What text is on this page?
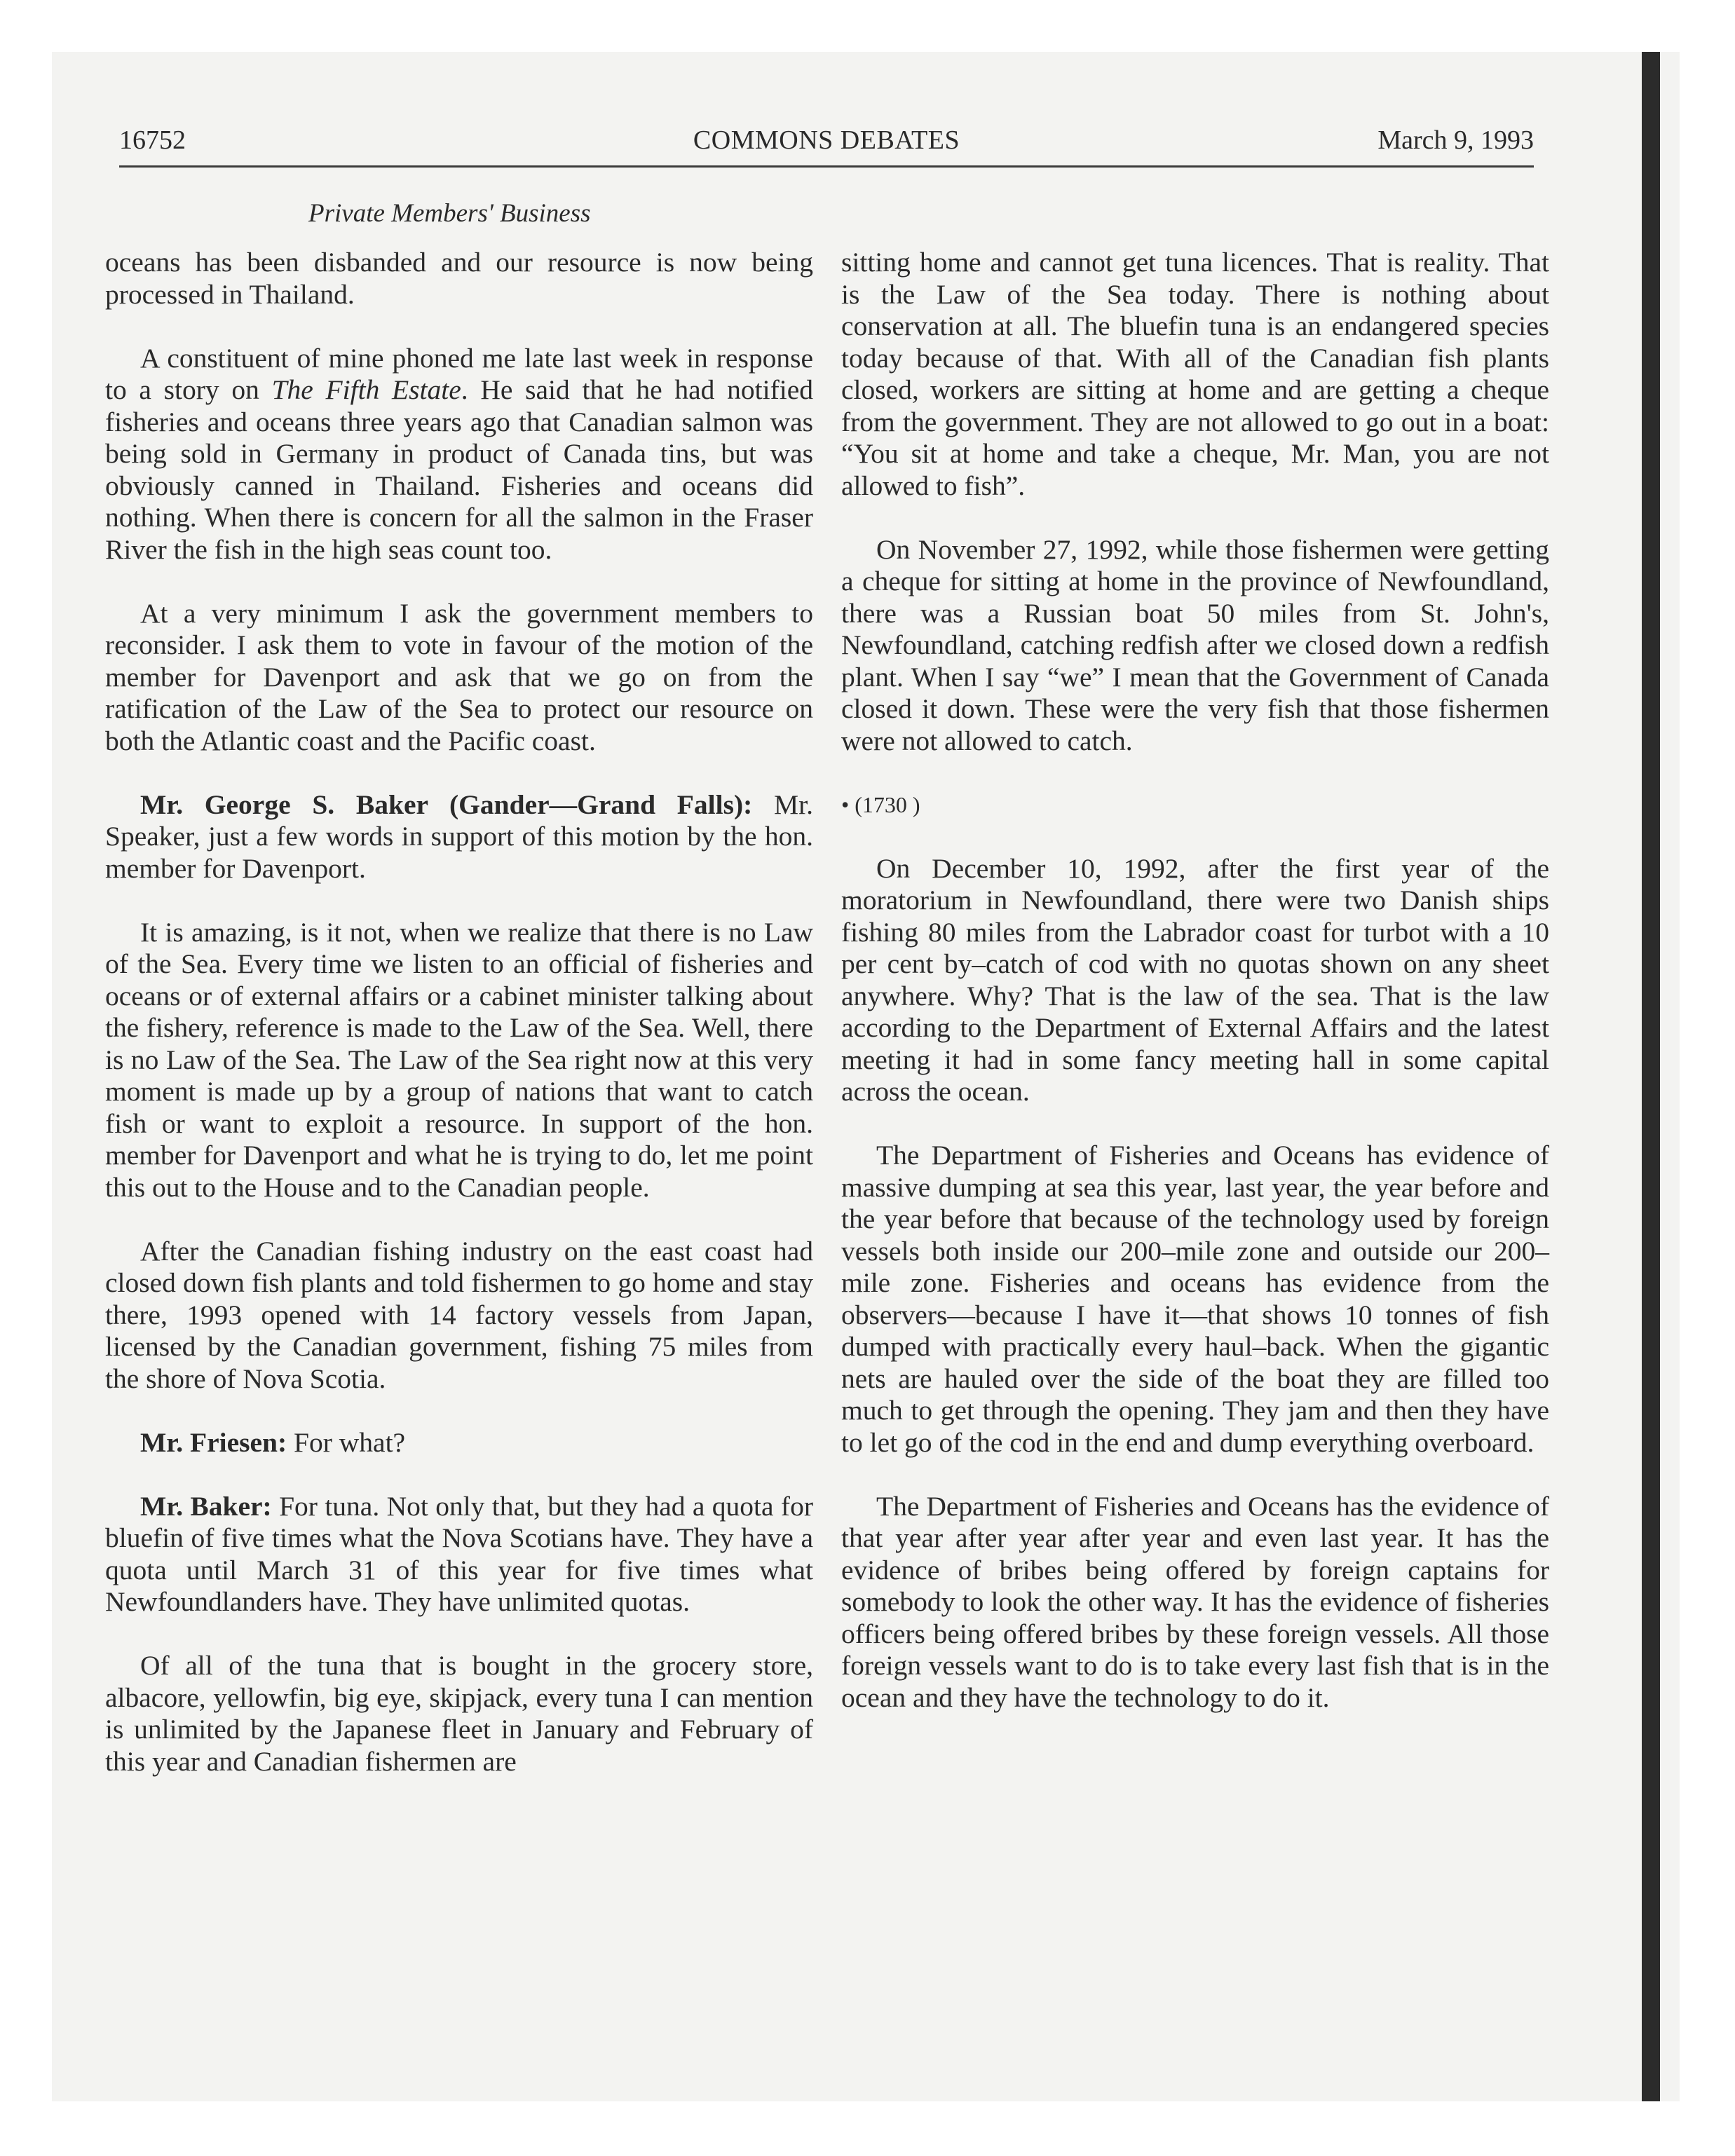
16752	COMMONS DEBATES	March 9, 1993
Private Members' Business

oceans has been disbanded and our resource is now being processed in Thailand.

A constituent of mine phoned me late last week in response to a story on The Fifth Estate. He said that he had notified fisheries and oceans three years ago that Canadian salmon was being sold in Germany in product of Canada tins, but was obviously canned in Thailand. Fisheries and oceans did nothing. When there is concern for all the salmon in the Fraser River the fish in the high seas count too.

At a very minimum I ask the government members to reconsider. I ask them to vote in favour of the motion of the member for Davenport and ask that we go on from the ratification of the Law of the Sea to protect our resource on both the Atlantic coast and the Pacific coast.

Mr. George S. Baker (Gander—Grand Falls): Mr. Speaker, just a few words in support of this motion by the hon. member for Davenport.

It is amazing, is it not, when we realize that there is no Law of the Sea. Every time we listen to an official of fisheries and oceans or of external affairs or a cabinet minister talking about the fishery, reference is made to the Law of the Sea. Well, there is no Law of the Sea. The Law of the Sea right now at this very moment is made up by a group of nations that want to catch fish or want to exploit a resource. In support of the hon. member for Davenport and what he is trying to do, let me point this out to the House and to the Canadian people.

After the Canadian fishing industry on the east coast had closed down fish plants and told fishermen to go home and stay there, 1993 opened with 14 factory vessels from Japan, licensed by the Canadian government, fishing 75 miles from the shore of Nova Scotia.

Mr. Friesen: For what?

Mr. Baker: For tuna. Not only that, but they had a quota for bluefin of five times what the Nova Scotians have. They have a quota until March 31 of this year for five times what Newfoundlanders have. They have unlimited quotas.

Of all of the tuna that is bought in the grocery store, albacore, yellowfin, big eye, skipjack, every tuna I can mention is unlimited by the Japanese fleet in January and February of this year and Canadian fishermen are

sitting home and cannot get tuna licences. That is reality. That is the Law of the Sea today. There is nothing about conservation at all. The bluefin tuna is an endangered species today because of that. With all of the Canadian fish plants closed, workers are sitting at home and are getting a cheque from the government. They are not allowed to go out in a boat: “You sit at home and take a cheque, Mr. Man, you are not allowed to fish”.

On November 27, 1992, while those fishermen were getting a cheque for sitting at home in the province of Newfoundland, there was a Russian boat 50 miles from St. John's, Newfoundland, catching redfish after we closed down a redfish plant. When I say “we” I mean that the Government of Canada closed it down. These were the very fish that those fishermen were not allowed to catch.

• (1730 )

On December 10, 1992, after the first year of the moratorium in Newfoundland, there were two Danish ships fishing 80 miles from the Labrador coast for turbot with a 10 per cent by–catch of cod with no quotas shown on any sheet anywhere. Why? That is the law of the sea. That is the law according to the Department of External Affairs and the latest meeting it had in some fancy meeting hall in some capital across the ocean.

The Department of Fisheries and Oceans has evidence of massive dumping at sea this year, last year, the year before and the year before that because of the technology used by foreign vessels both inside our 200–mile zone and outside our 200–mile zone. Fisheries and oceans has evidence from the observers—because I have it—that shows 10 tonnes of fish dumped with practically every haul–back. When the gigantic nets are hauled over the side of the boat they are filled too much to get through the opening. They jam and then they have to let go of the cod in the end and dump everything overboard.

The Department of Fisheries and Oceans has the evidence of that year after year after year and even last year. It has the evidence of bribes being offered by foreign captains for somebody to look the other way. It has the evidence of fisheries officers being offered bribes by these foreign vessels. All those foreign vessels want to do is to take every last fish that is in the ocean and they have the technology to do it.
